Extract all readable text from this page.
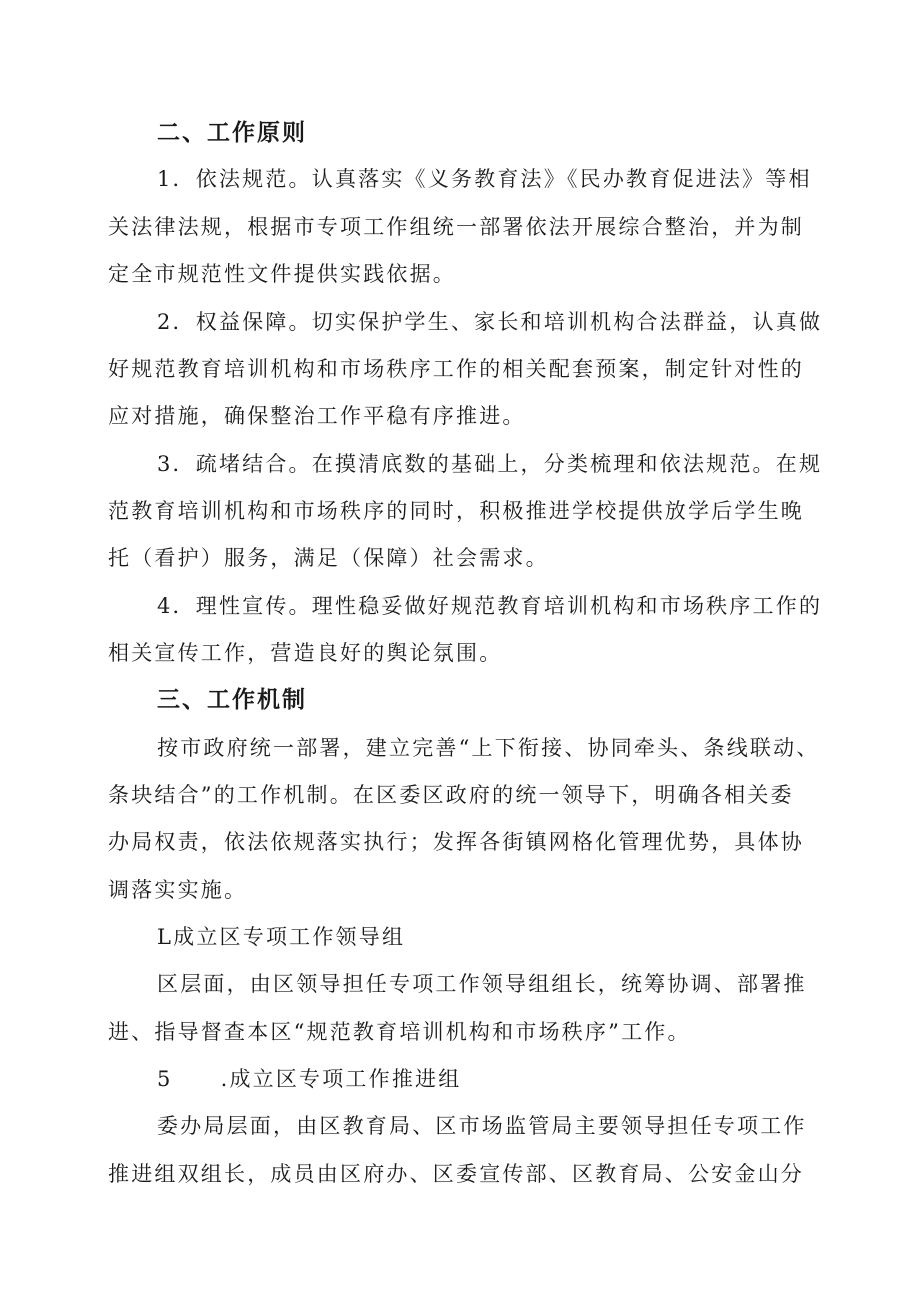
二、工作原则
1．依法规范。认真落实《义务教育法》《民办教育促进法》等相
关法律法规，根据市专项工作组统一部署依法开展综合整治，并为制
定全市规范性文件提供实践依据。
2．权益保障。切实保护学生、家长和培训机构合法群益，认真做
好规范教育培训机构和市场秩序工作的相关配套预案，制定针对性的
应对措施，确保整治工作平稳有序推进。
3．疏堵结合。在摸清底数的基础上，分类梳理和依法规范。在规
范教育培训机构和市场秩序的同时，积极推进学校提供放学后学生晚
托（看护）服务，满足（保障）社会需求。
4．理性宣传。理性稳妥做好规范教育培训机构和市场秩序工作的
相关宣传工作，营造良好的舆论氛围。
三、工作机制
按市政府统一部署，建立完善“上下衔接、协同牵头、条线联动、
条块结合”的工作机制。在区委区政府的统一领导下，明确各相关委
办局权责，依法依规落实执行；发挥各街镇网格化管理优势，具体协
调落实实施。
L成立区专项工作领导组
区层面，由区领导担任专项工作领导组组长，统筹协调、部署推
进、指导督查本区“规范教育培训机构和市场秩序”工作。
5 .成立区专项工作推进组
委办局层面，由区教育局、区市场监管局主要领导担任专项工作
推进组双组长，成员由区府办、区委宣传部、区教育局、公安金山分
